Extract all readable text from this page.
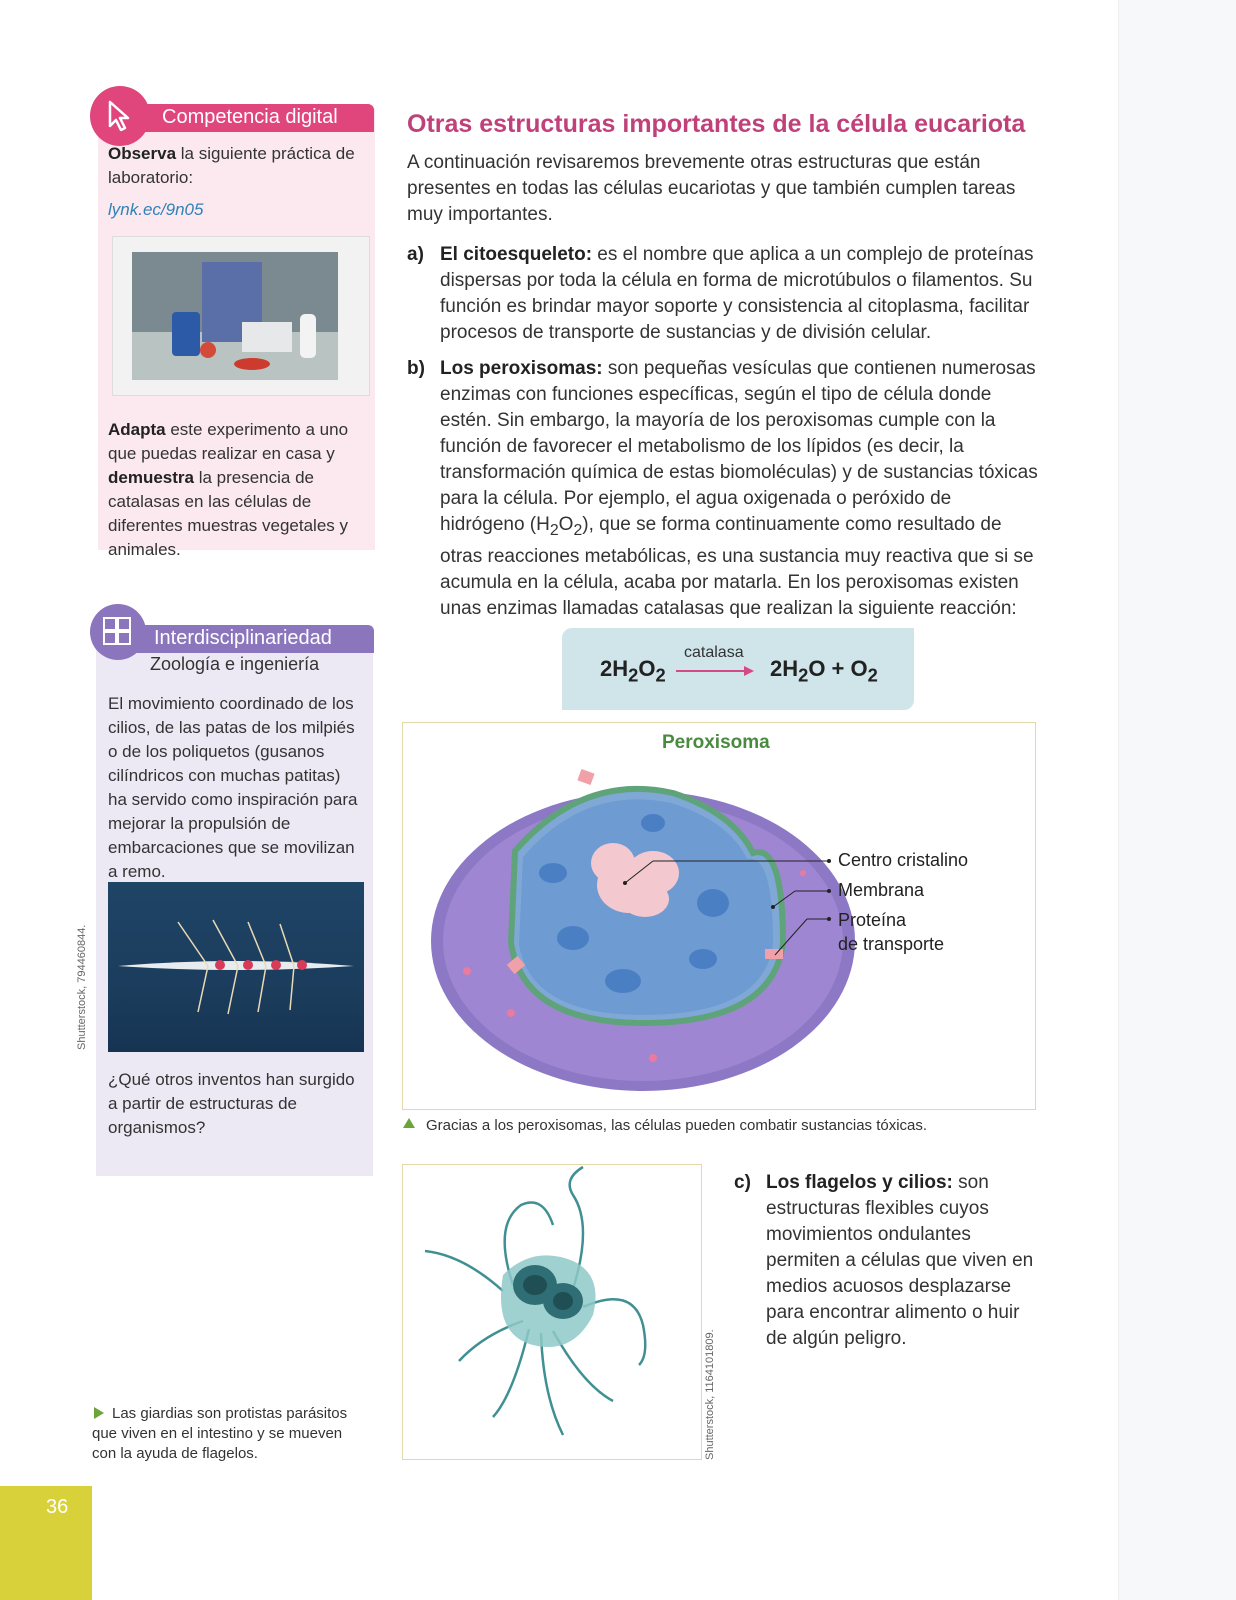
Competencia digital
Observa la siguiente práctica de laboratorio:
lynk.ec/9n05
Adapta este experimento a uno que puedas realizar en casa y demuestra la presencia de catalasas en las células de diferentes muestras vegetales y animales.
Interdisciplinariedad
Zoología e ingeniería
El movimiento coordinado de los cilios, de las patas de los milpiés o de los poliquetos (gusanos cilíndricos con muchas patitas) ha servido como inspiración para mejorar la propulsión de embarcaciones que se movilizan a remo.
Shutterstock, 794460844.
¿Qué otros inventos han surgido a partir de estructuras de organismos?
Otras estructuras importantes de la célula eucariota
A continuación revisaremos brevemente otras estructuras que están presentes en todas las células eucariotas y que también cumplen tareas muy importantes.
a) El citoesqueleto: es el nombre que aplica a un complejo de proteínas dispersas por toda la célula en forma de microtúbulos o filamentos. Su función es brindar mayor soporte y consistencia al citoplasma, facilitar procesos de transporte de sustancias y de división celular.
b) Los peroxisomas: son pequeñas vesículas que contienen numerosas enzimas con funciones específicas, según el tipo de célula donde estén. Sin embargo, la mayoría de los peroxisomas cumple con la función de favorecer el metabolismo de los lípidos (es decir, la transformación química de estas biomoléculas) y de sustancias tóxicas para la célula. Por ejemplo, el agua oxigenada o peróxido de hidrógeno $(H_2O_2)$, que se forma continuamente como resultado de otras reacciones metabólicas, es una sustancia muy reactiva que si se acumula en la célula, acaba por matarla. En los peroxisomas existen unas enzimas llamadas catalasas que realizan la siguiente reacción:
$2H_2O_2$
catalasa
$2H_2O + O_2$
Peroxisoma
Centro cristalino
Membrana
Proteína
de transporte
Gracias a los peroxisomas, las células pueden combatir sustancias tóxicas.
Shutterstock, 1164101809.
c) Los flagelos y cilios: son estructuras flexibles cuyos movimientos ondulantes permiten a células que viven en medios acuosos desplazarse para encontrar alimento o huir de algún peligro.
Las giardias son protistas parásitos que viven en el intestino y se mueven con la ayuda de flagelos.
36
